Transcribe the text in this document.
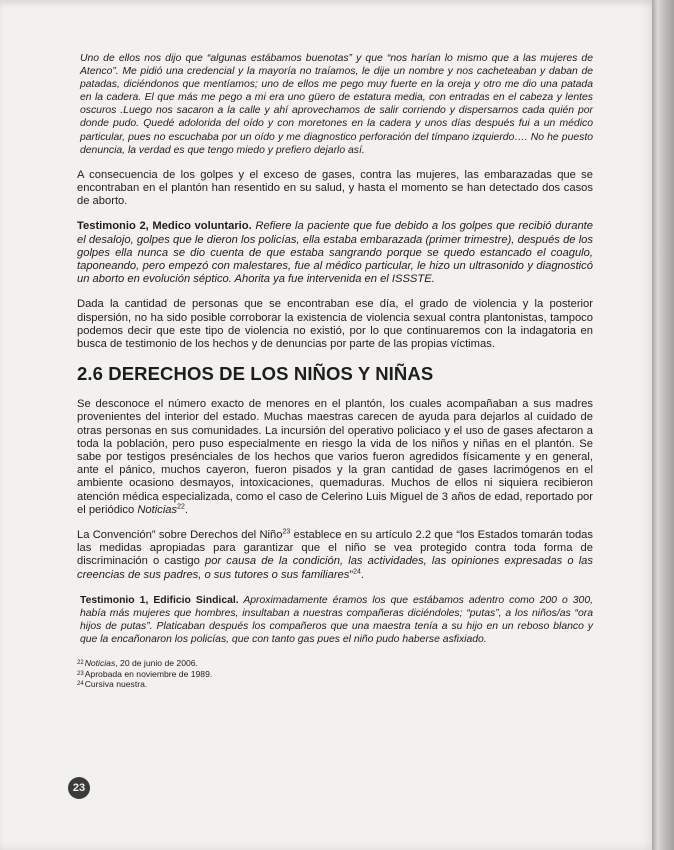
Uno de ellos nos dijo que “algunas estábamos buenotas” y que “nos harían lo mismo que a las mujeres de Atenco”. Me pidió una credencial y la mayoría no traíamos, le dije un nombre y nos cacheteaban y daban de patadas, diciéndonos que mentíamos; uno de ellos me pego muy fuerte en la oreja y otro me dio una patada en la cadera. El que más me pego a mi era uno güero de estatura media, con entradas en el cabeza y lentes oscuros .Luego nos sacaron a la calle y ahí aprovechamos de salir corriendo y dispersarnos cada quién por donde pudo. Quedé adolorida del oído y con moretones en la cadera y unos días después fui a un médico particular, pues no escuchaba por un oído y me diagnostico perforación del tímpano izquierdo…. No he puesto denuncia, la verdad es que tengo miedo y prefiero dejarlo así.

A consecuencia de los golpes y el exceso de gases, contra las mujeres, las embarazadas que se encontraban en el plantón han resentido en su salud, y hasta el momento se han detectado dos casos de aborto.

Testimonio 2, Medico voluntario. Refiere la paciente que fue debido a los golpes que recibió durante el desalojo, golpes que le dieron los policías, ella estaba embarazada (primer trimestre), después de los golpes ella nunca se dio cuenta de que estaba sangrando porque se quedo estancado el coagulo, taponeando, pero empezó con malestares, fue al médico particular, le hizo un ultrasonido y diagnosticó un aborto en evolución séptico. Ahorita ya fue intervenida en el ISSSTE.

Dada la cantidad de personas que se encontraban ese día, el grado de violencia y la posterior dispersión, no ha sido posible corroborar la existencia de violencia sexual contra plantonistas, tampoco podemos decir que este tipo de violencia no existió, por lo que continuaremos con la indagatoria en busca de testimonio de los hechos y de denuncias por parte de las propias víctimas.

2.6 DERECHOS DE LOS NIÑOS Y NIÑAS

Se desconoce el número exacto de menores en el plantón, los cuales acompañaban a sus madres provenientes del interior del estado. Muchas maestras carecen de ayuda para dejarlos al cuidado de otras personas en sus comunidades. La incursión del operativo policiaco y el uso de gases afectaron a toda la población, pero puso especialmente en riesgo la vida de los niños y niñas en el plantón. Se sabe por testigos presénciales de los hechos que varios fueron agredidos físicamente y en general, ante el pánico, muchos cayeron, fueron pisados y la gran cantidad de gases lacrimógenos en el ambiente ocasiono desmayos, intoxicaciones, quemaduras. Muchos de ellos ni siquiera recibieron atención médica especializada, como el caso de Celerino Luis Miguel de 3 años de edad, reportado por el periódico Noticias$^{22}$.

La Convención” sobre Derechos del Niño$^{23}$ establece en su artículo 2.2 que “los Estados tomarán todas las medidas apropiadas para garantizar que el niño se vea protegido contra toda forma de discriminación o castigo por causa de la condición, las actividades, las opiniones expresadas o las creencias de sus padres, o sus tutores o sus familiares”$^{24}$.

Testimonio 1, Edificio Sindical. Aproximadamente éramos los que estábamos adentro como 200 o 300, había más mujeres que hombres, insultaban a nuestras compañeras diciéndoles; “putas”, a los niños/as “ora hijos de putas”. Platicaban después los compañeros que una maestra tenía a su hijo en un reboso blanco y que la encañonaron los policías, que con tanto gas pues el niño pudo haberse asfixiado.

22 Noticias , 20 de junio de 2006.
23 Aprobada en noviembre de 1989.
24 Cursiva nuestra.
23
